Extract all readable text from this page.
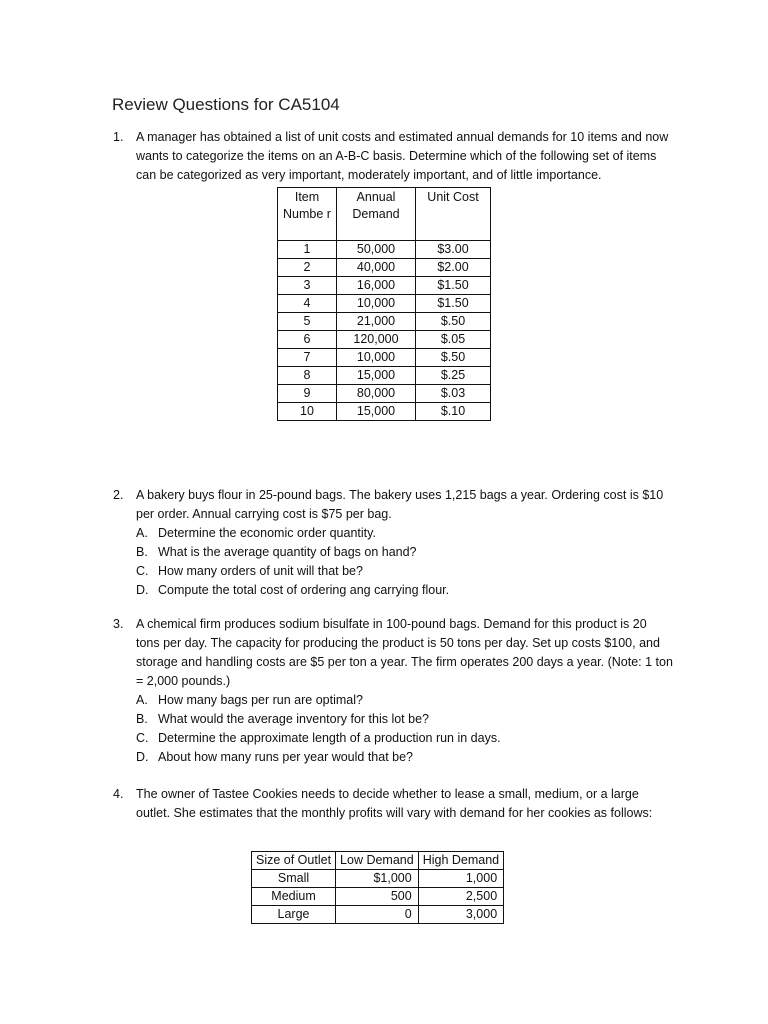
Review Questions for CA5104
1. A manager has obtained a list of unit costs and estimated annual demands for 10 items and now wants to categorize the items on an A-B-C basis. Determine which of the following set of items can be categorized as very important, moderately important, and of little importance.
Item Numbe r	Annual Demand	Unit Cost
1	50,000	$3.00
2	40,000	$2.00
3	16,000	$1.50
4	10,000	$1.50
5	21,000	$.50
6	120,000	$.05
7	10,000	$.50
8	15,000	$.25
9	80,000	$.03
10	15,000	$.10
2. A bakery buys flour in 25-pound bags. The bakery uses 1,215 bags a year. Ordering cost is $10 per order. Annual carrying cost is $75 per bag.
A. Determine the economic order quantity.
B. What is the average quantity of bags on hand?
C. How many orders of unit will that be?
D. Compute the total cost of ordering ang carrying flour.
3. A chemical firm produces sodium bisulfate in 100-pound bags. Demand for this product is 20 tons per day. The capacity for producing the product is 50 tons per day. Set up costs $100, and storage and handling costs are $5 per ton a year. The firm operates 200 days a year. (Note: 1 ton = 2,000 pounds.)
A. How many bags per run are optimal?
B. What would the average inventory for this lot be?
C. Determine the approximate length of a production run in days.
D. About how many runs per year would that be?
4. The owner of Tastee Cookies needs to decide whether to lease a small, medium, or a large outlet. She estimates that the monthly profits will vary with demand for her cookies as follows:
Size of Outlet	Low Demand	High Demand
Small	$1,000	1,000
Medium	500	2,500
Large	0	3,000
